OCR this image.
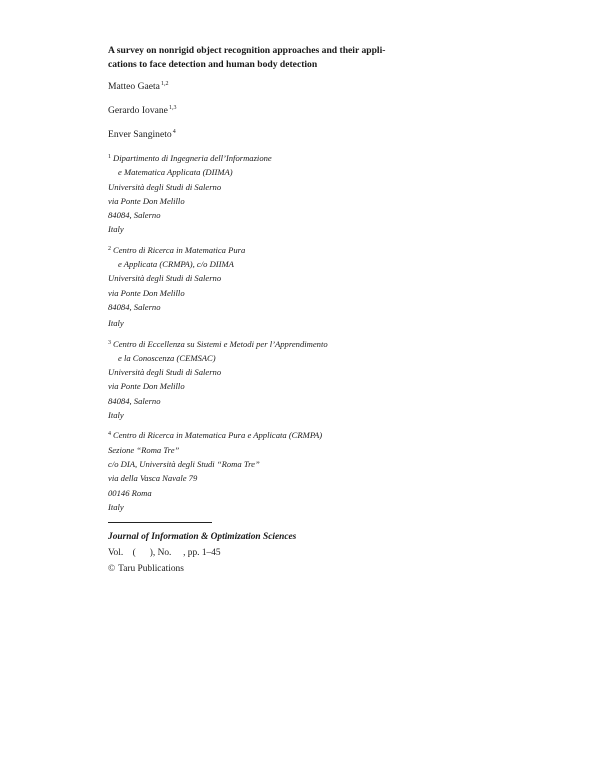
A survey on nonrigid object recognition approaches and their appli-
cations to face detection and human body detection
Matteo Gaeta$^{1,2}$
Gerardo Iovane$^{1,3}$
Enver Sangineto$^4$
$^1$ Dipartimento di Ingegneria dell’Informazione
e Matematica Applicata (DIIMA)
Università degli Studi di Salerno
via Ponte Don Melillo
84084, Salerno
Italy
$^2$ Centro di Ricerca in Matematica Pura
e Applicata (CRMPA), c/o DIIMA
Università degli Studi di Salerno
via Ponte Don Melillo
84084, Salerno
Italy
$^3$ Centro di Eccellenza su Sistemi e Metodi per l’Apprendimento
e la Conoscenza (CEMSAC)
Università degli Studi di Salerno
via Ponte Don Melillo
84084, Salerno
Italy
$^4$ Centro di Ricerca in Matematica Pura e Applicata (CRMPA)
Sezione “Roma Tre”
c/o DIA, Università degli Studi “Roma Tre”
via della Vasca Navale 79
00146 Roma
Italy
Journal of Information & Optimization Sciences
Vol.    (      ), No.     , pp. 1–45
© Taru Publications
